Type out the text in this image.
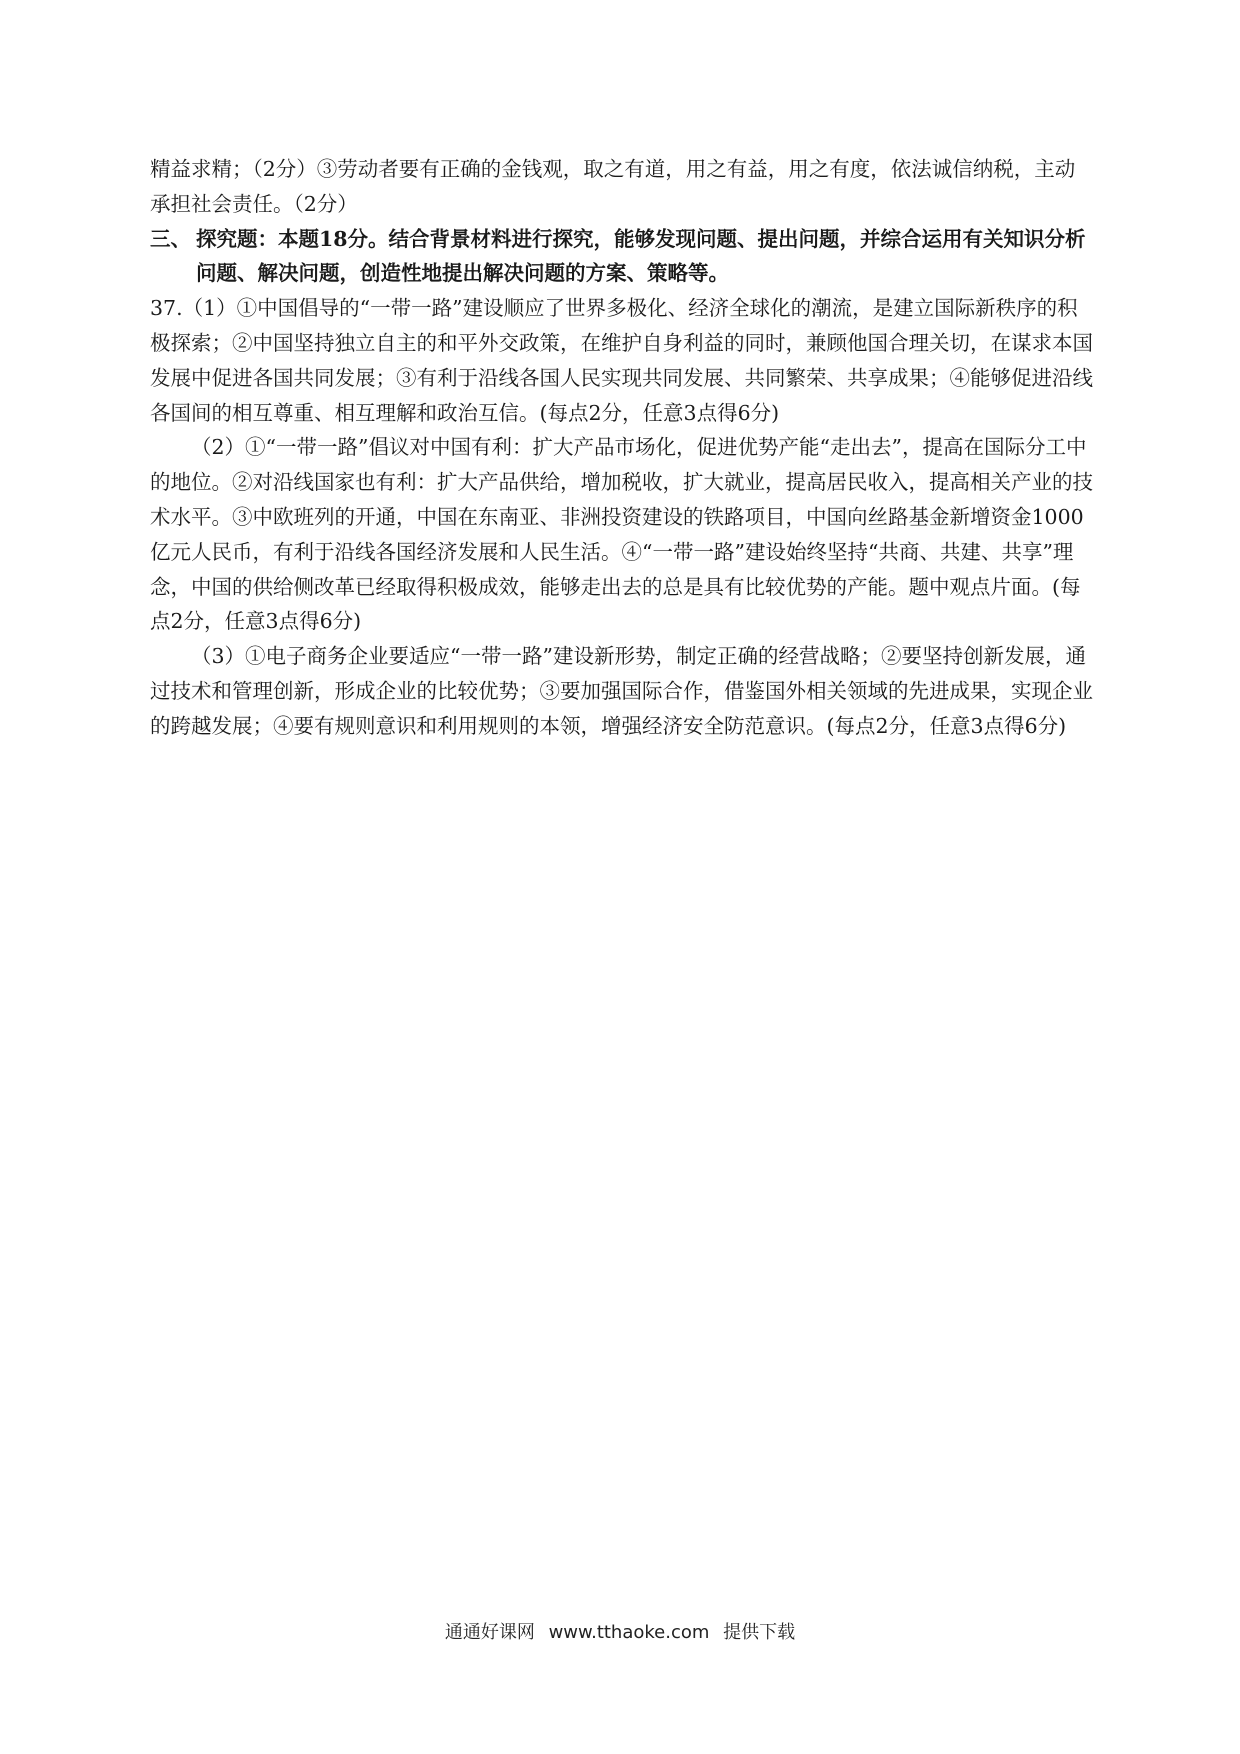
精益求精；（2分）③劳动者要有正确的金钱观，取之有道，用之有益，用之有度，依法诚信纳税，主动承担社会责任。（2分）

三、 探究题：本题18分。结合背景材料进行探究，能够发现问题、提出问题，并综合运用有关知识分析问题、解决问题，创造性地提出解决问题的方案、策略等。

37.（1）①中国倡导的“一带一路”建设顺应了世界多极化、经济全球化的潮流，是建立国际新秩序的积极探索；②中国坚持独立自主的和平外交政策，在维护自身利益的同时，兼顾他国合理关切，在谋求本国发展中促进各国共同发展；③有利于沿线各国人民实现共同发展、共同繁荣、共享成果；④能够促进沿线各国间的相互尊重、相互理解和政治互信。(每点2分，任意3点得6分)

（2）①“一带一路”倡议对中国有利：扩大产品市场化，促进优势产能“走出去”，提高在国际分工中的地位。②对沿线国家也有利：扩大产品供给，增加税收，扩大就业，提高居民收入，提高相关产业的技术水平。③中欧班列的开通，中国在东南亚、非洲投资建设的铁路项目，中国向丝路基金新增资金1000亿元人民币，有利于沿线各国经济发展和人民生活。④“一带一路”建设始终坚持“共商、共建、共享”理念，中国的供给侧改革已经取得积极成效，能够走出去的总是具有比较优势的产能。题中观点片面。(每点2分，任意3点得6分)

（3）①电子商务企业要适应“一带一路”建设新形势，制定正确的经营战略；②要坚持创新发展，通过技术和管理创新，形成企业的比较优势；③要加强国际合作，借鉴国外相关领域的先进成果，实现企业的跨越发展；④要有规则意识和利用规则的本领，增强经济安全防范意识。(每点2分，任意3点得6分)

通通好课网 www.tthaoke.com 提供下载
